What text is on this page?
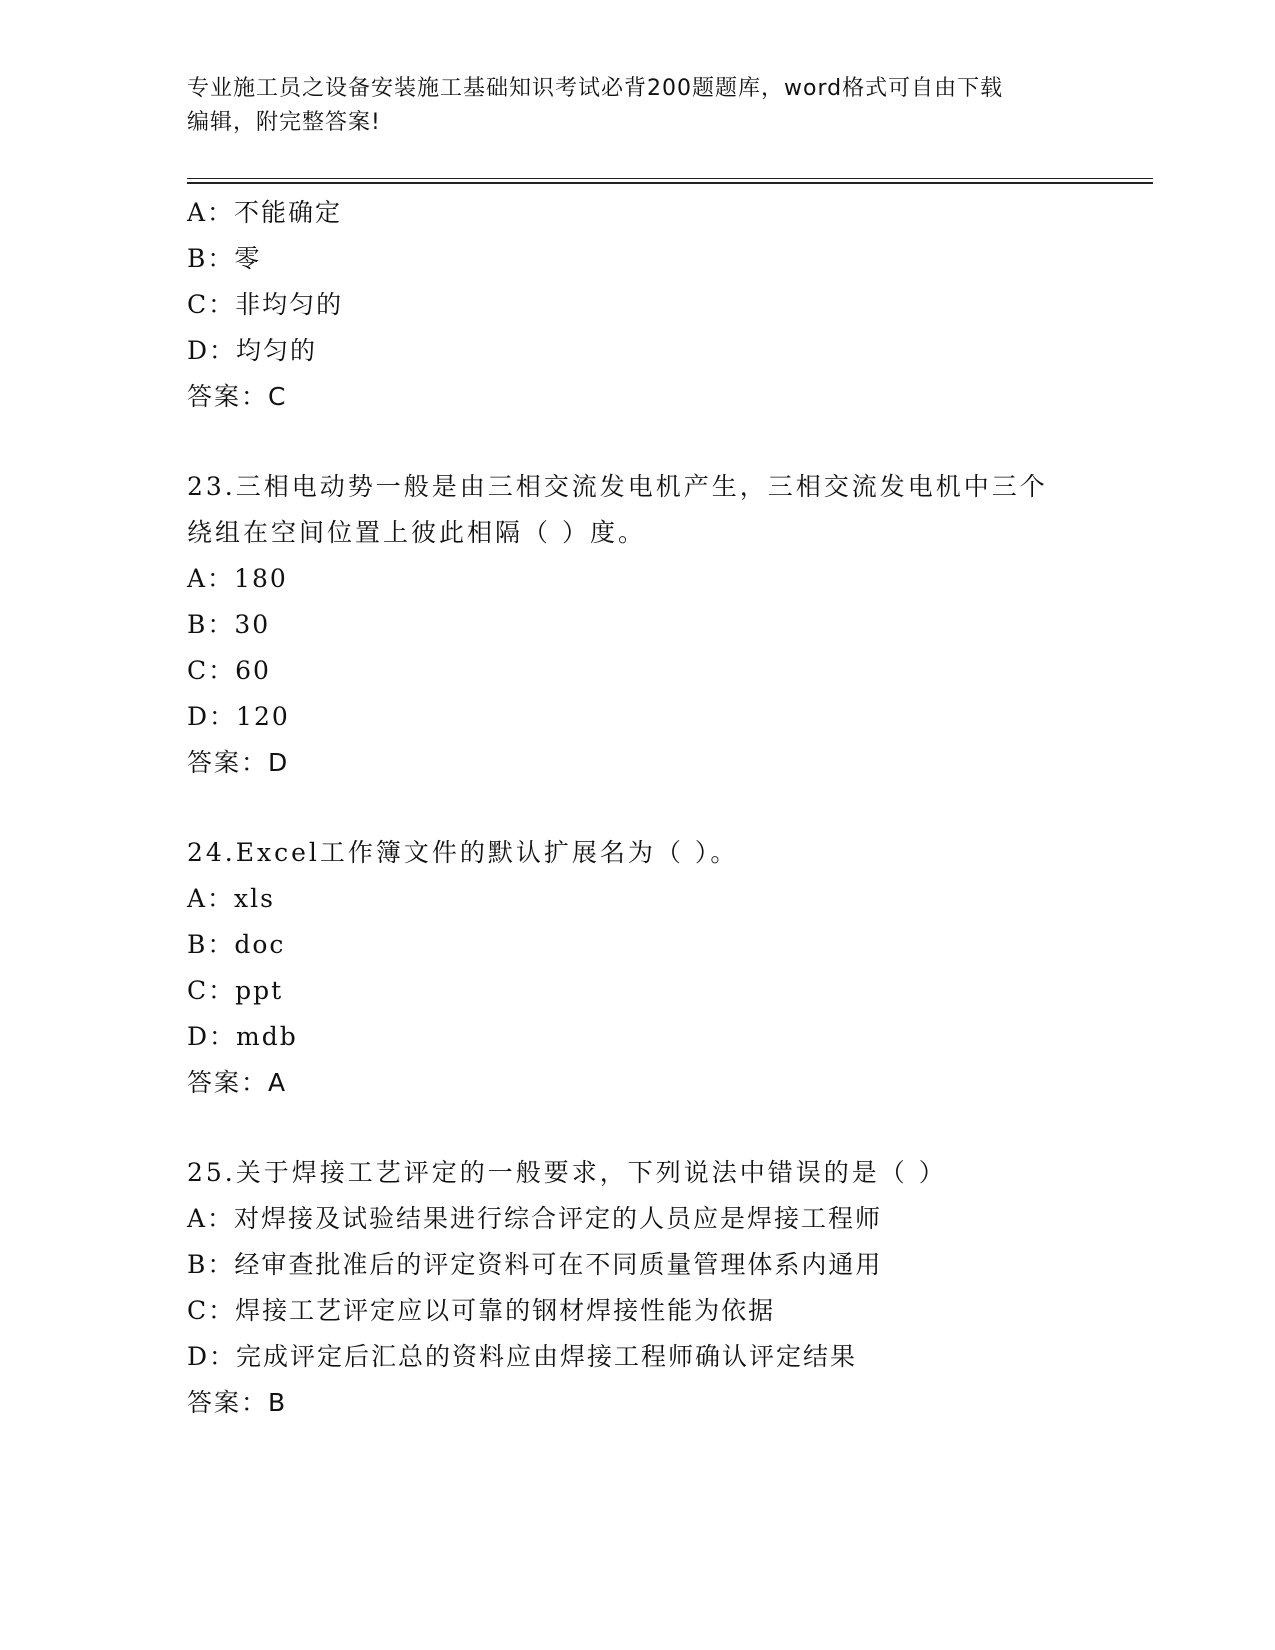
专业施工员之设备安装施工基础知识考试必背200题题库，word格式可自由下载
编辑，附完整答案!
A：不能确定
B：零
C：非均匀的
D：均匀的
答案：C
23.三相电动势一般是由三相交流发电机产生，三相交流发电机中三个
绕组在空间位置上彼此相隔（ ）度。
A：180
B：30
C：60
D：120
答案：D
24.Excel工作簿文件的默认扩展名为（ ）。
A：xls
B：doc
C：ppt
D：mdb
答案：A
25.关于焊接工艺评定的一般要求，下列说法中错误的是（ ）
A：对焊接及试验结果进行综合评定的人员应是焊接工程师
B：经审查批准后的评定资料可在不同质量管理体系内通用
C：焊接工艺评定应以可靠的钢材焊接性能为依据
D：完成评定后汇总的资料应由焊接工程师确认评定结果
答案：B
